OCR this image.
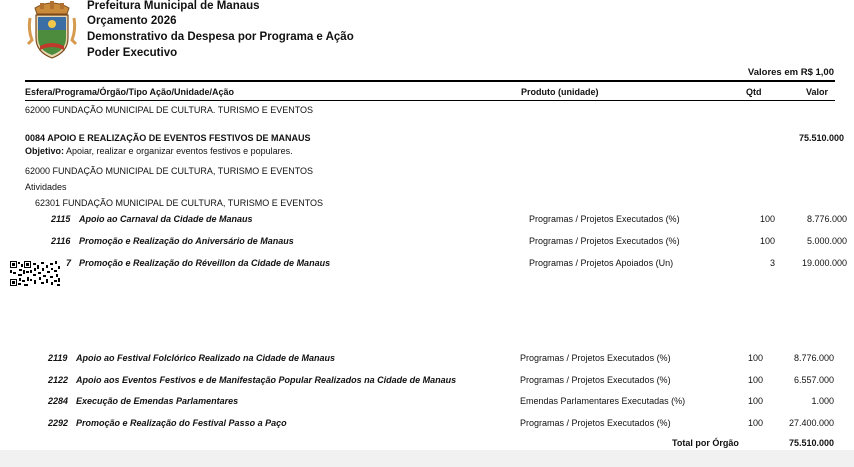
Prefeitura Municipal de Manaus
Orçamento 2026
Demonstrativo da Despesa por Programa e Ação
Poder Executivo
Valores em R$ 1,00
Esfera/Programa/Órgão/Tipo Ação/Unidade/Ação	Produto (unidade)	Qtd	Valor
62000 FUNDAÇÃO MUNICIPAL DE CULTURA. TURISMO E EVENTOS
0084 APOIO E REALIZAÇÃO DE EVENTOS FESTIVOS DE MANAUS	75.510.000
Objetivo: Apoiar, realizar e organizar eventos festivos e populares.
62000 FUNDAÇÃO MUNICIPAL DE CULTURA, TURISMO E EVENTOS
Atividades
62301 FUNDAÇÃO MUNICIPAL DE CULTURA, TURISMO E EVENTOS
2115 Apoio ao Carnaval da Cidade de Manaus	Programas / Projetos Executados (%)	100	8.776.000
2116 Promoção e Realização do Aniversário de Manaus	Programas / Projetos Executados (%)	100	5.000.000
7 Promoção e Realização do Réveillon da Cidade de Manaus	Programas / Projetos Apoiados (Un)	3	19.000.000
2119 Apoio ao Festival Folclórico Realizado na Cidade de Manaus	Programas / Projetos Executados (%)	100	8.776.000
2122 Apoio aos Eventos Festivos e de Manifestação Popular Realizados na Cidade de Manaus	Programas / Projetos Executados (%)	100	6.557.000
2284 Execução de Emendas Parlamentares	Emendas Parlamentares Executadas (%)	100	1.000
2292 Promoção e Realização do Festival Passo a Paço	Programas / Projetos Executados (%)	100	27.400.000
Total por Órgão	75.510.000
